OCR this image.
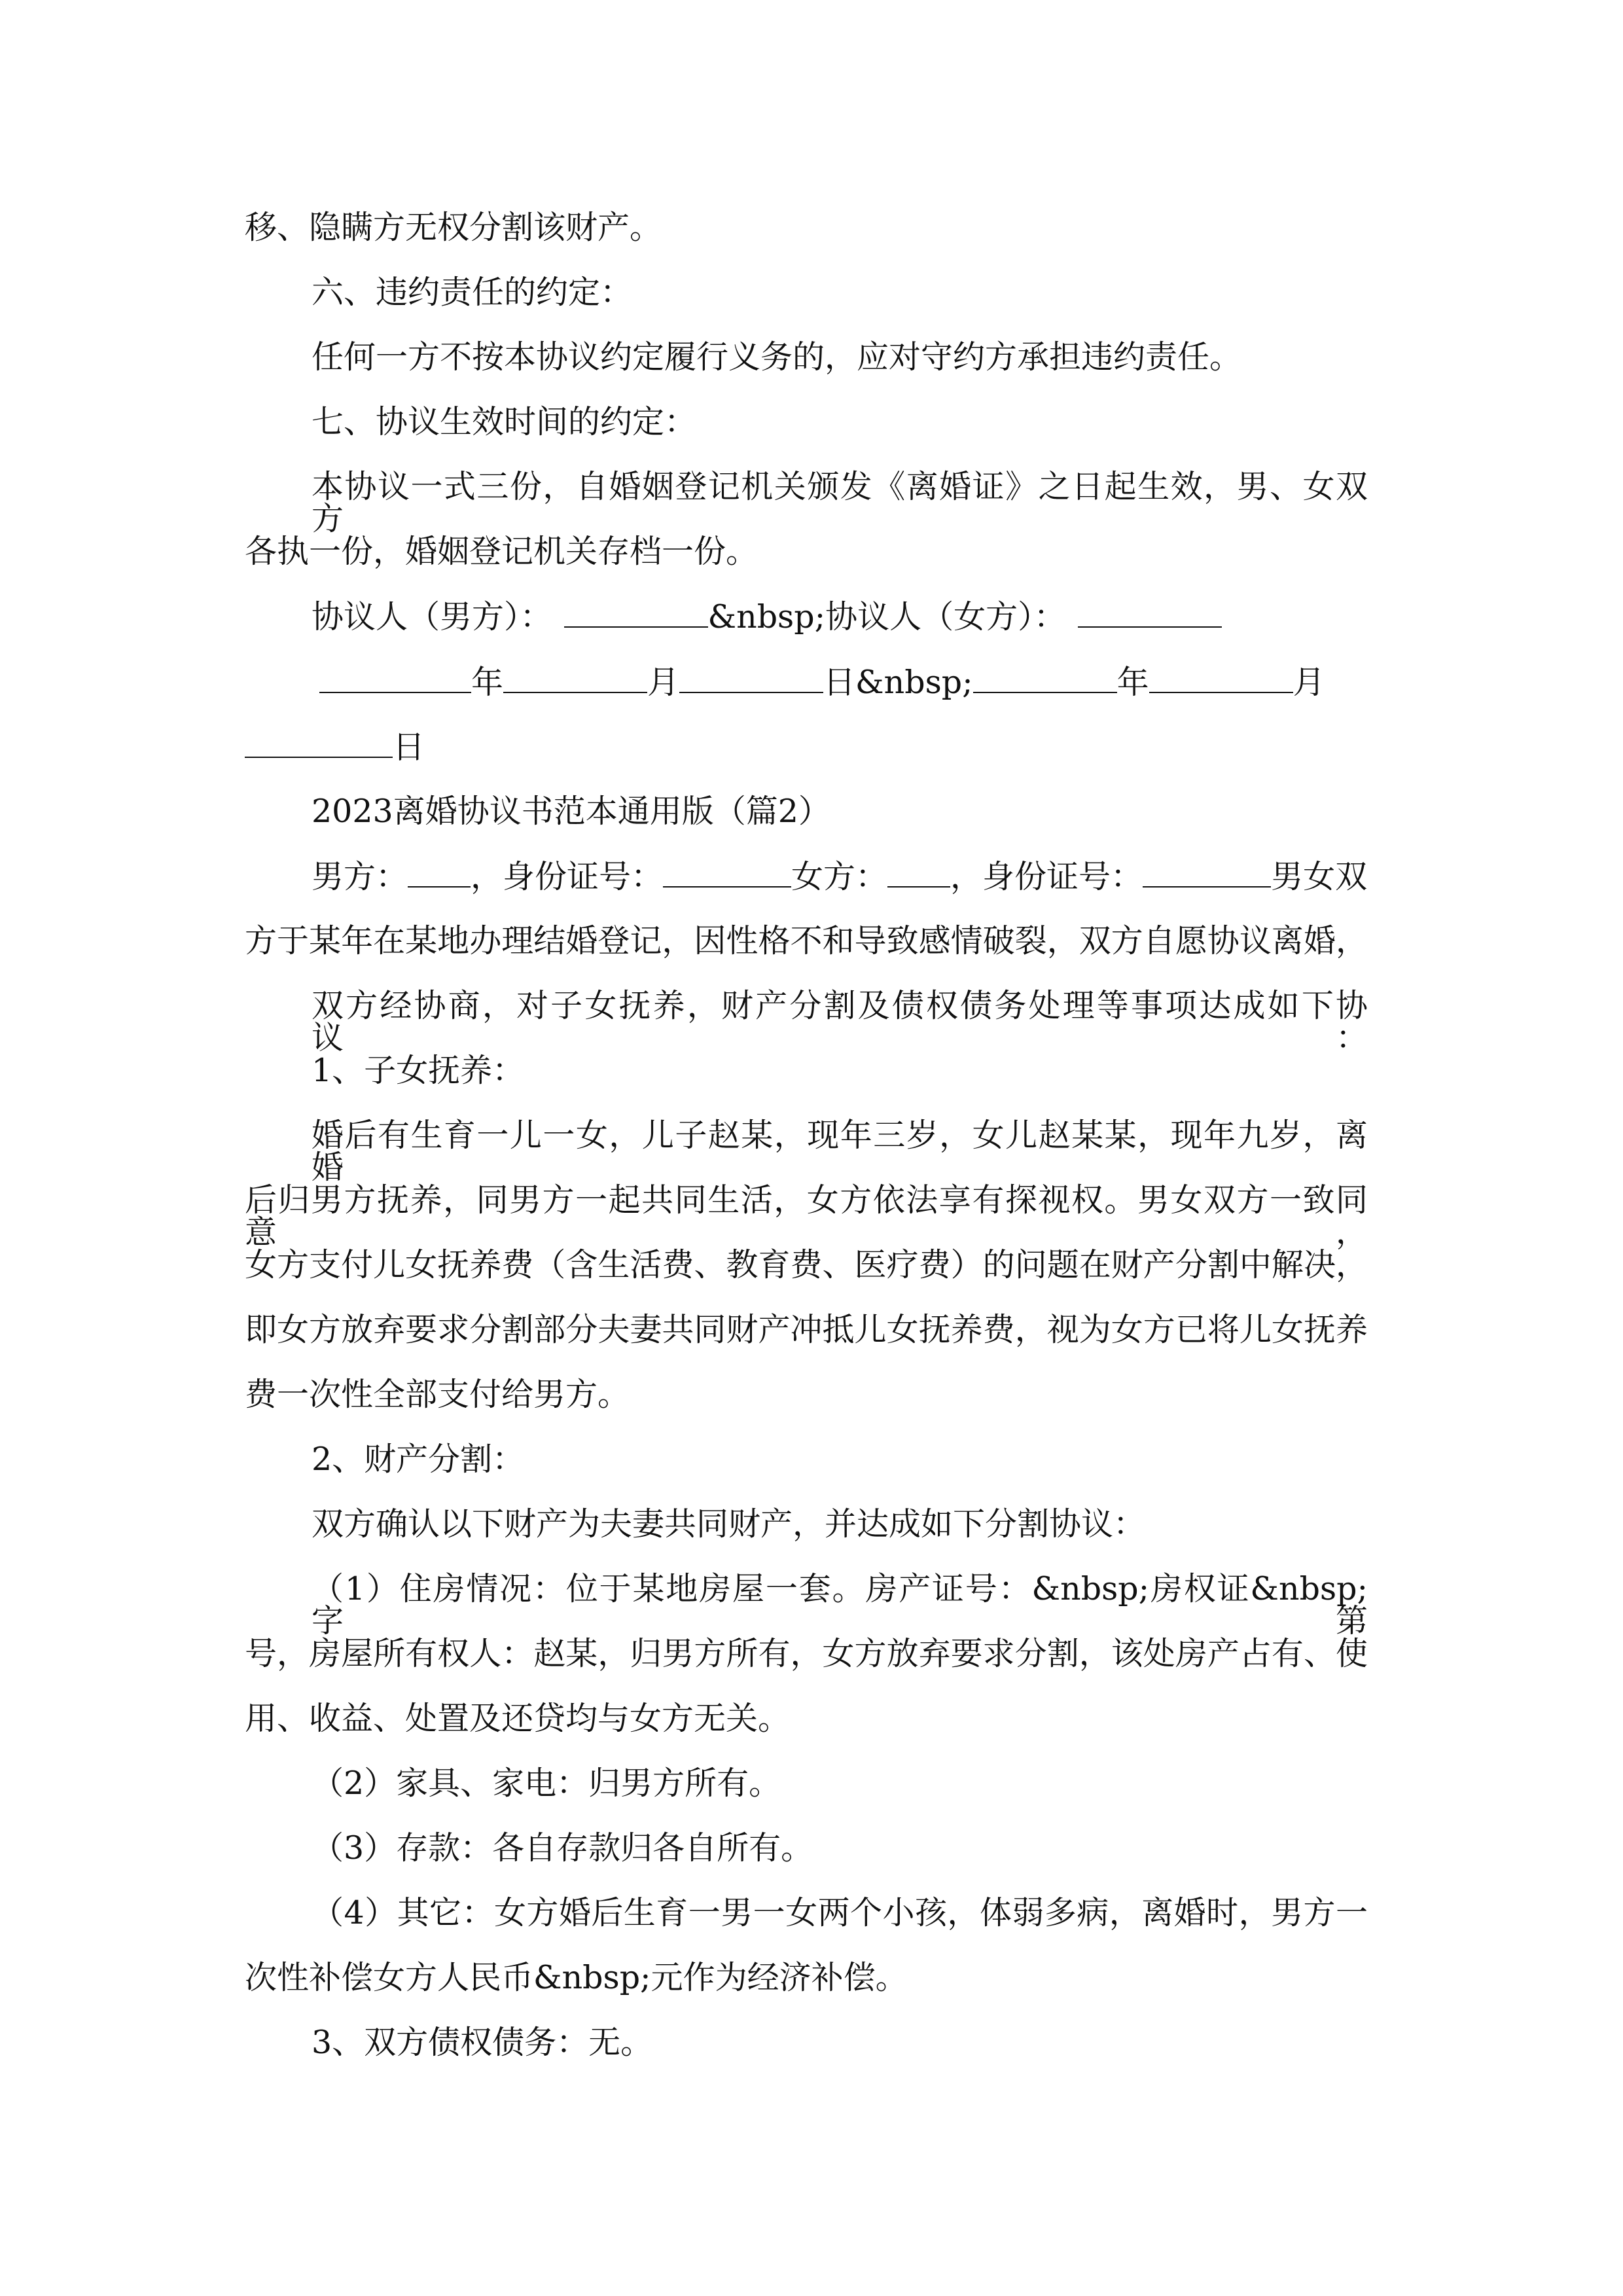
移、隐瞒方无权分割该财产。
六、违约责任的约定：
任何一方不按本协议约定履行义务的，应对守约方承担违约责任。
七、协议生效时间的约定：
本协议一式三份，自婚姻登记机关颁发《离婚证》之日起生效，男、女双方
各执一份，婚姻登记机关存档一份。
协议人（男方）：	&nbsp;协议人（女方）：
年	月	日&nbsp;	年	月
日
2023离婚协议书范本通用版（篇2）
男方： ，身份证号：	女方： ，身份证号：	男女双
方于某年在某地办理结婚登记，因性格不和导致感情破裂，双方自愿协议离婚，
双方经协商，对子女抚养，财产分割及债权债务处理等事项达成如下协议：
1、子女抚养：
婚后有生育一儿一女，儿子赵某，现年三岁，女儿赵某某，现年九岁，离婚
后归男方抚养，同男方一起共同生活，女方依法享有探视权。男女双方一致同意，
女方支付儿女抚养费（含生活费、教育费、医疗费）的问题在财产分割中解决，
即女方放弃要求分割部分夫妻共同财产冲抵儿女抚养费，视为女方已将儿女抚养
费一次性全部支付给男方。
2、财产分割：
双方确认以下财产为夫妻共同财产，并达成如下分割协议：
（1）住房情况：位于某地房屋一套。房产证号：&nbsp;房权证&nbsp;字第
号，房屋所有权人：赵某，归男方所有，女方放弃要求分割，该处房产占有、使
用、收益、处置及还贷均与女方无关。
（2）家具、家电：归男方所有。
（3）存款：各自存款归各自所有。
（4）其它：女方婚后生育一男一女两个小孩，体弱多病，离婚时，男方一
次性补偿女方人民币&nbsp;元作为经济补偿。
3、双方债权债务：无。
